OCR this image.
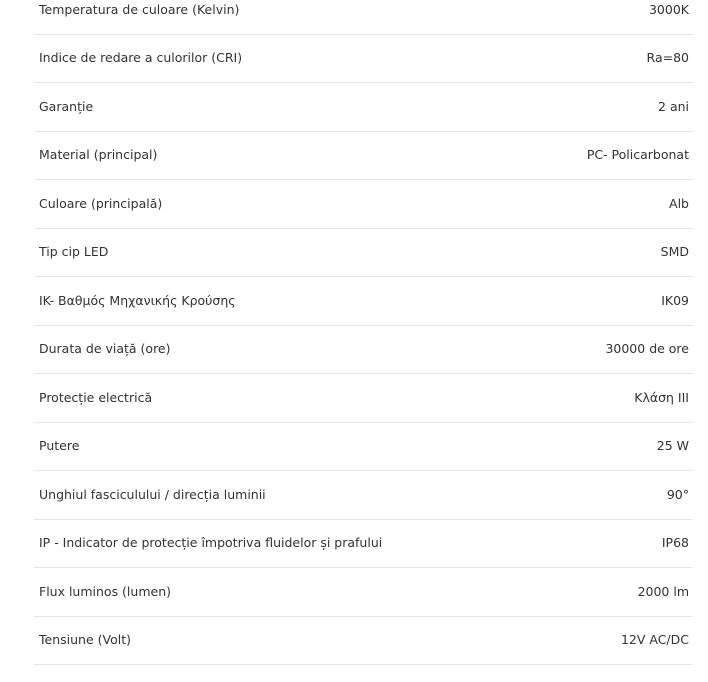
Temperatura de culoare (Kelvin)	3000K
Indice de redare a culorilor (CRI)	Ra=80
Garanție	2 ani
Material (principal)	PC- Policarbonat
Culoare (principală)	Alb
Tip cip LED	SMD
IK- Βαθμός Μηχανικής Κρούσης	IK09
Durata de viață (ore)	30000 de ore
Protecție electrică	Κλάση III
Putere	25 W
Unghiul fasciculului / direcția luminii	90°
IP - Indicator de protecție împotriva fluidelor și prafului	IP68
Flux luminos (lumen)	2000 lm
Tensiune (Volt)	12V AC/DC
